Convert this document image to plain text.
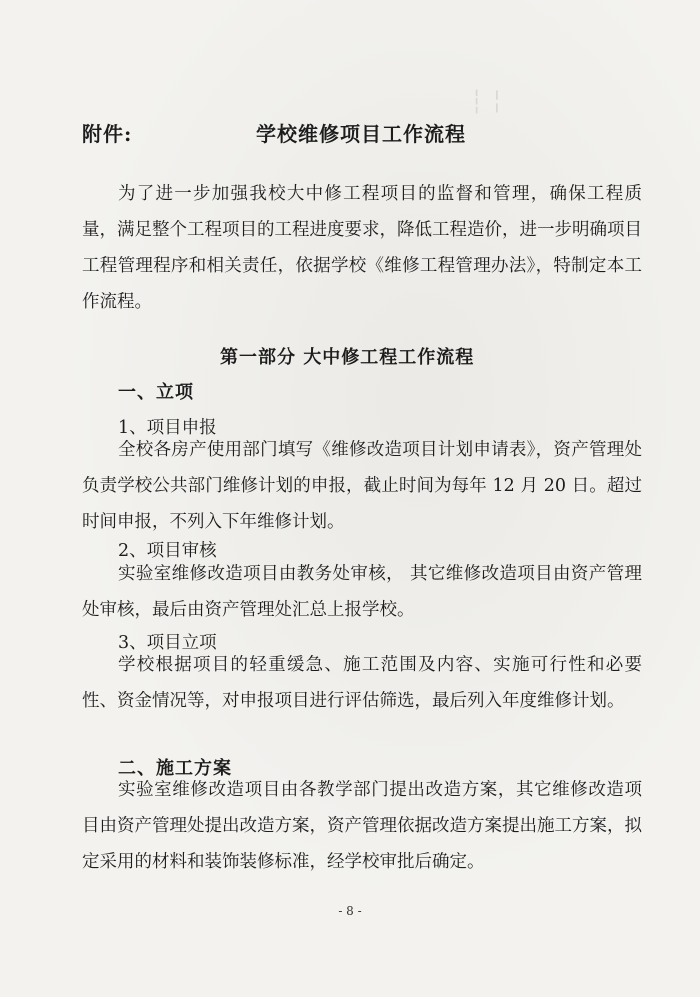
┆ ╎
附件:	学校维修项目工作流程
为了进一步加强我校大中修工程项目的监督和管理，确保工程质量，满足整个工程项目的工程进度要求，降低工程造价，进一步明确项目工程管理程序和相关责任，依据学校《维修工程管理办法》，特制定本工作流程。
第一部分 大中修工程工作流程
一、立项
1、项目申报
全校各房产使用部门填写《维修改造项目计划申请表》，资产管理处负责学校公共部门维修计划的申报，截止时间为每年 12 月 20 日。超过时间申报，不列入下年维修计划。
2、项目审核
实验室维修改造项目由教务处审核， 其它维修改造项目由资产管理处审核，最后由资产管理处汇总上报学校。
3、项目立项
学校根据项目的轻重缓急、施工范围及内容、实施可行性和必要性、资金情况等，对申报项目进行评估筛选，最后列入年度维修计划。
二、施工方案
实验室维修改造项目由各教学部门提出改造方案，其它维修改造项目由资产管理处提出改造方案，资产管理依据改造方案提出施工方案，拟定采用的材料和装饰装修标准，经学校审批后确定。
- 8 -
